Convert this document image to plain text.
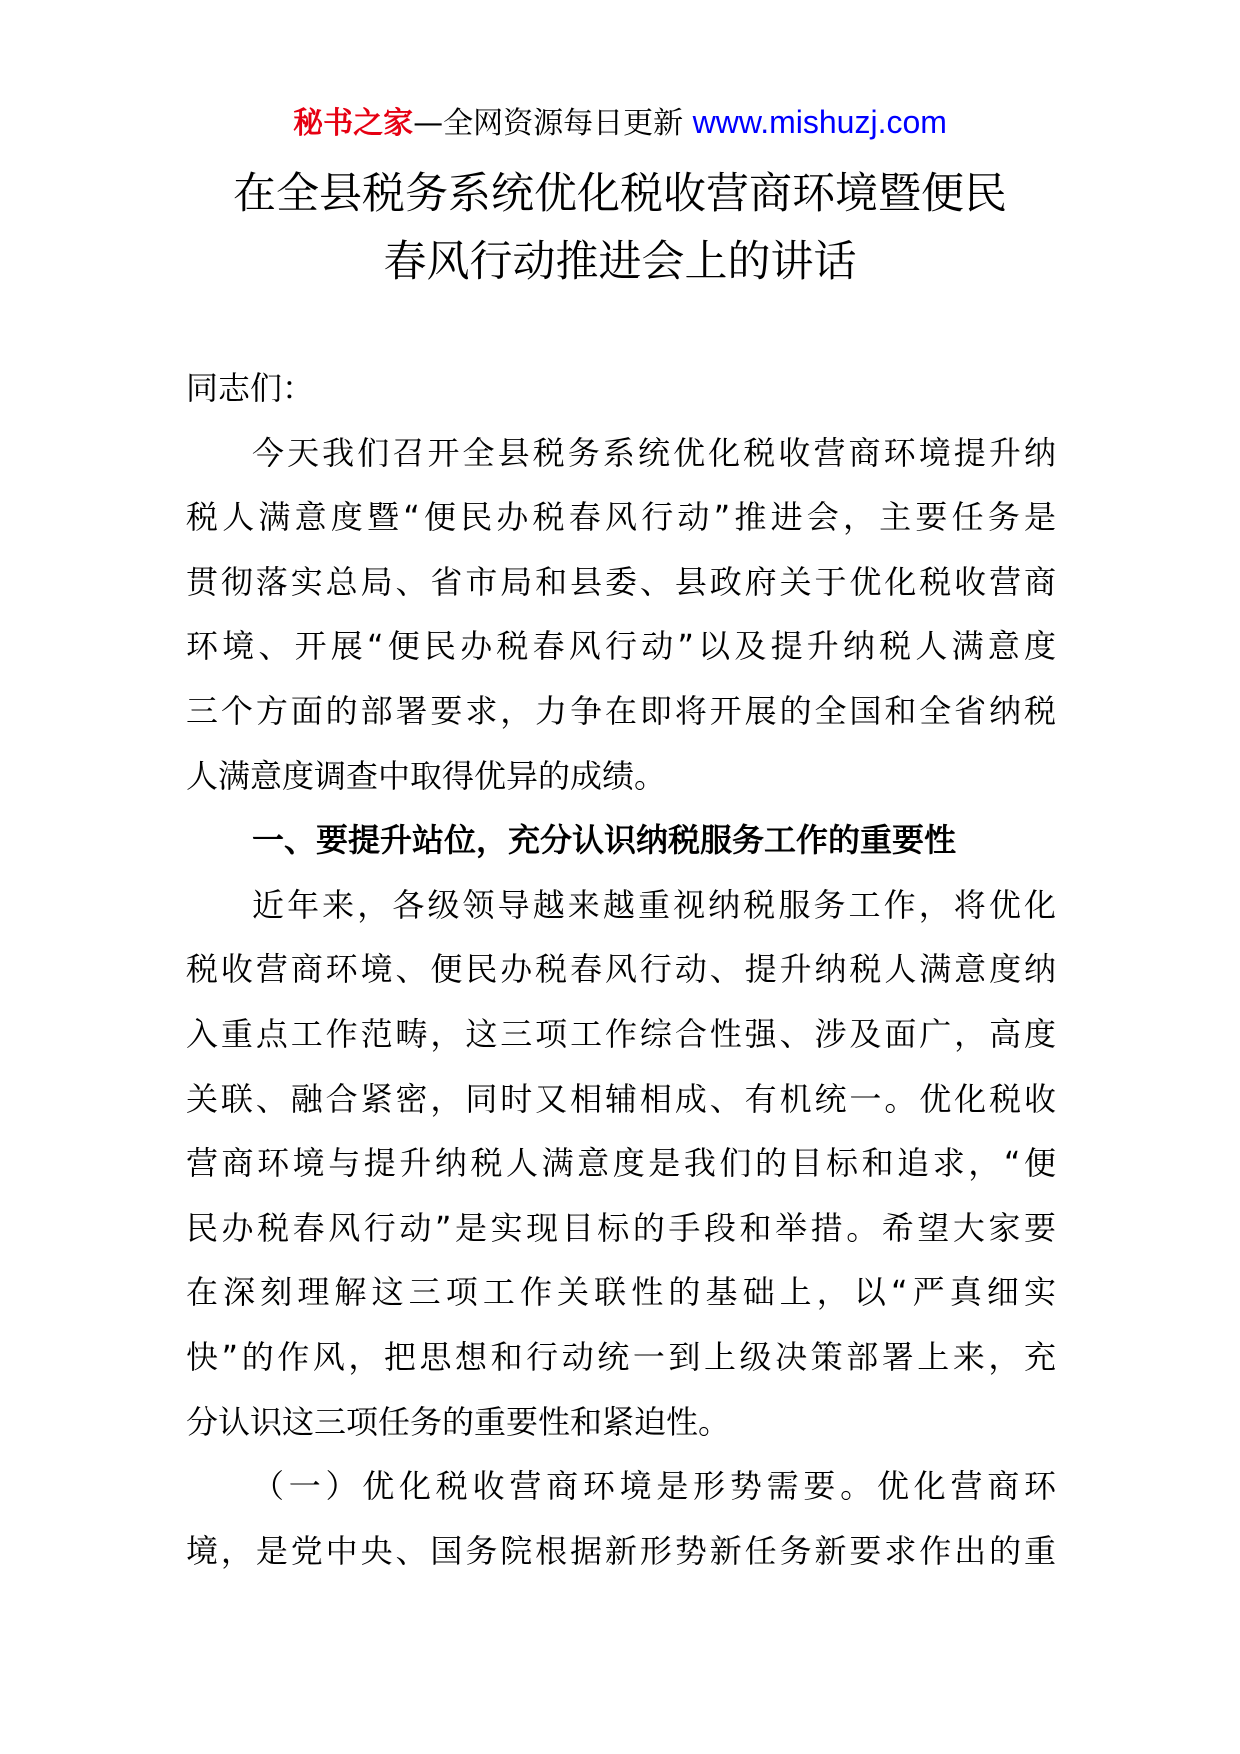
秘书之家—全网资源每日更新 www.mishuzj.com
在全县税务系统优化税收营商环境暨便民
春风行动推进会上的讲话
同志们：
今天我们召开全县税务系统优化税收营商环境提升纳
税人满意度暨“便民办税春风行动”推进会，主要任务是
贯彻落实总局、省市局和县委、县政府关于优化税收营商
环境、开展“便民办税春风行动”以及提升纳税人满意度
三个方面的部署要求，力争在即将开展的全国和全省纳税
人满意度调查中取得优异的成绩。
一、要提升站位，充分认识纳税服务工作的重要性
近年来，各级领导越来越重视纳税服务工作，将优化
税收营商环境、便民办税春风行动、提升纳税人满意度纳
入重点工作范畴，这三项工作综合性强、涉及面广，高度
关联、融合紧密，同时又相辅相成、有机统一。优化税收
营商环境与提升纳税人满意度是我们的目标和追求，“便
民办税春风行动”是实现目标的手段和举措。希望大家要
在深刻理解这三项工作关联性的基础上，以“严真细实
快”的作风，把思想和行动统一到上级决策部署上来，充
分认识这三项任务的重要性和紧迫性。
（一）优化税收营商环境是形势需要。优化营商环
境，是党中央、国务院根据新形势新任务新要求作出的重
